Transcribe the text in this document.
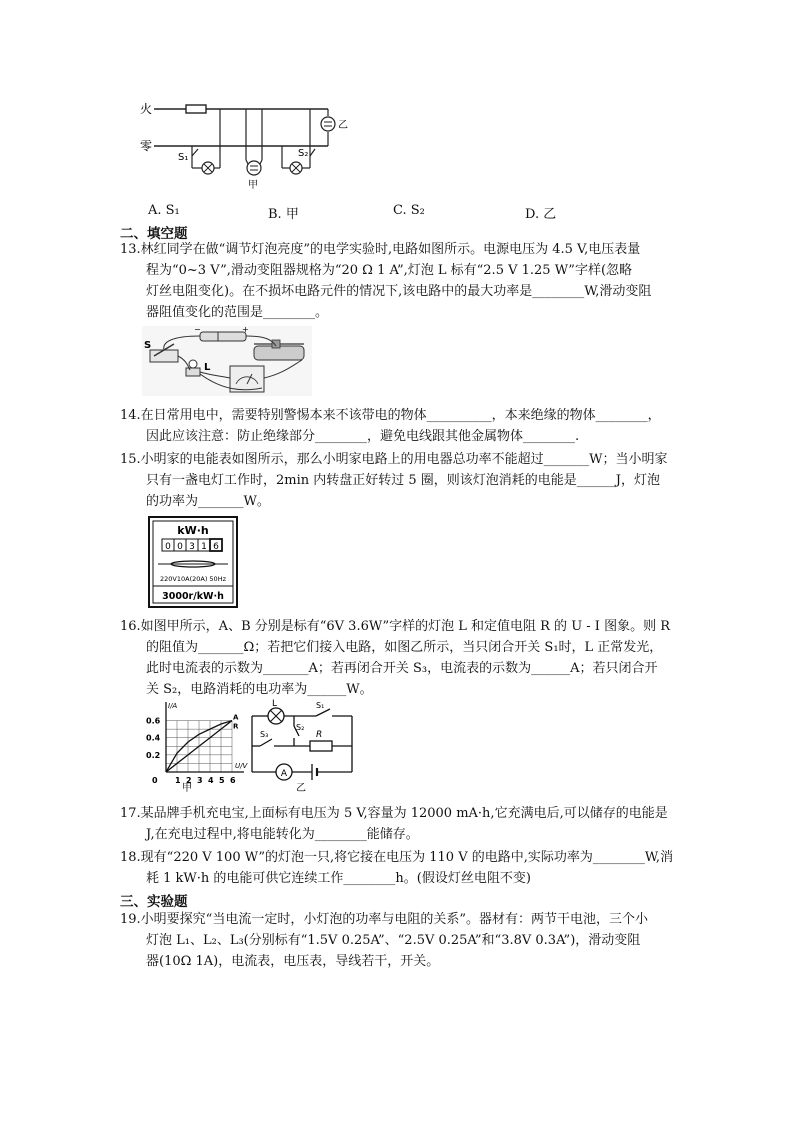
火
零
S₁
甲
S₂
乙
A. S₁	B. 甲	C. S₂	D. 乙
二、填空题
13.林红同学在做“调节灯泡亮度”的电学实验时,电路如图所示。电源电压为 4.5 V,电压表量
程为“0~3 V”,滑动变阻器规格为“20 Ω 1 A”,灯泡 L 标有“2.5 V 1.25 W”字样(忽略
灯丝电阻变化)。在不损坏电路元件的情况下,该电路中的最大功率是________W,滑动变阻
器阻值变化的范围是________。
−	+
S
L
14.在日常用电中，需要特别警惕本来不该带电的物体__________，本来绝缘的物体________，
因此应该注意：防止绝缘部分________，避免电线跟其他金属物体________.
15.小明家的电能表如图所示，那么小明家电路上的用电器总功率不能超过_______W；当小明家
只有一盏电灯工作时，2min 内转盘正好转过 5 圈，则该灯泡消耗的电能是______J，灯泡
的功率为_______W。
kW·h
0 0 3 1 6
220V10A(20A) 50Hz
3000r/kW·h
16.如图甲所示，A、B 分别是标有“6V 3.6W”字样的灯泡 L 和定值电阻 R 的 U - I 图象。则 R
的阻值为_______Ω；若把它们接入电路，如图乙所示，当只闭合开关 S₁时，L 正常发光，
此时电流表的示数为_______A；若再闭合开关 S₃，电流表的示数为______A；若只闭合开
关 S₂，电路消耗的电功率为______W。
I/A
U/V
0.6
0.4
0.2
0 1 2 3 4 5 6
A
R
甲
L	S₁
S₃	R
S₂
A
乙
17.某品牌手机充电宝,上面标有电压为 5 V,容量为 12000 mA·h,它充满电后,可以储存的电能是
J,在充电过程中,将电能转化为________能储存。
18.现有“220 V 100 W”的灯泡一只,将它接在电压为 110 V 的电路中,实际功率为________W,消
耗 1 kW·h 的电能可供它连续工作________h。(假设灯丝电阻不变)
三、实验题
19.小明要探究“当电流一定时，小灯泡的功率与电阻的关系”。器材有：两节干电池，三个小
灯泡 L₁、L₂、L₃(分别标有“1.5V 0.25A”、“2.5V 0.25A”和“3.8V 0.3A”)，滑动变阻
器(10Ω 1A)，电流表，电压表，导线若干，开关。
